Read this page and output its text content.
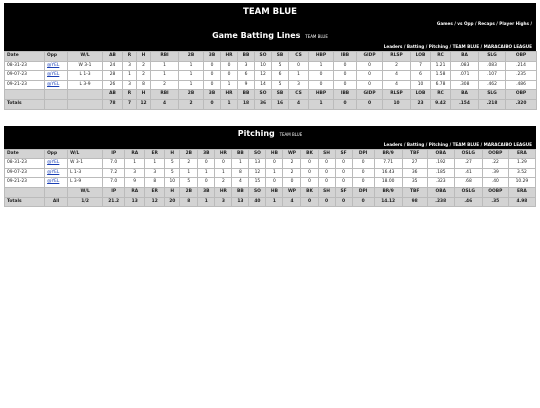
TEAM BLUE
Games / vs Opp / Recaps / Player Highs /
Game Batting Lines TEAM BLUE
Leaders / Batting / Pitching / TEAM BLUE / MARACAIBO LEAGUE
Date	Opp	W/L	AB	R	H	RBI	2B	3B	HR	BB	SO	SB	CS	HBP	IBB	GIDP	RLSP	LOB	RC	BA	SLG	OBP
08-31-23	@YEL	W 3-1	24	3	2	1	1	0	0	3	10	5	0	1	0	0	2	7	1.21	.083	.083	.214
09-07-23	@YEL	L 1-3	28	1	2	1	1	0	0	6	12	6	1	0	0	0	4	6	1.58	.071	.107	.235
09-21-23	@YEL	L 3-9	26	3	8	2	1	0	1	9	14	5	3	0	0	0	4	10	6.78	.308	.462	.486
			AB	R	H	RBI	2B	3B	HR	BB	SO	SB	CS	HBP	IBB	GIDP	RLSP	LOB	RC	BA	SLG	OBP
Totals			78	7	12	4	2	0	1	18	36	16	4	1	0	0	10	23	9.42	.154	.218	.320
Pitching TEAM BLUE
Leaders / Batting / Pitching / TEAM BLUE / MARACAIBO LEAGUE
Date	Opp	W/L	IP	RA	ER	H	2B	3B	HR	BB	SO	HB	WP	BK	SH	SF	DPI	BR/9	TBF	OBA	OSLG	OOBP	ERA
08-31-23	@YEL	W 3-1	7.0	1	1	5	2	0	0	1	13	0	2	0	0	0	0	7.71	27	.192	.27	.22	1.29
09-07-23	@YEL	L 1-3	7.2	3	3	5	1	1	1	8	12	1	2	0	0	0	0	16.43	36	.185	.41	.39	3.52
09-21-23	@YEL	L 3-9	7.0	9	8	10	5	0	2	4	15	0	0	0	0	0	0	18.00	35	.323	.68	.40	10.29
		W/L	IP	RA	ER	H	2B	3B	HR	BB	SO	HB	WP	BK	SH	SF	DPI	BR/9	TBF	OBA	OSLG	OOBP	ERA
Totals	All	1/2	21.2	13	12	20	8	1	3	13	40	1	4	0	0	0	0	14.12	98	.238	.46	.35	4.98
